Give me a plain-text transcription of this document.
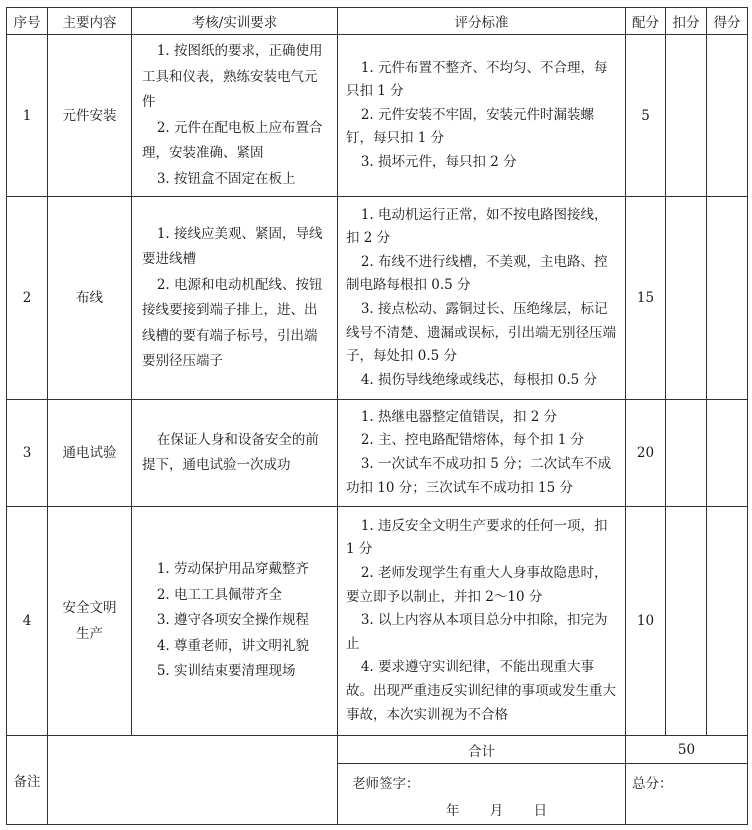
序号	主要内容	考核/实训要求	评分标准	配分	扣分	得分
1	元件安装	1. 按图纸的要求，正确使用工具和仪表，熟练安装电气元件
2. 元件在配电板上应布置合理，安装准确、紧固
3. 按钮盒不固定在板上	1. 元件布置不整齐、不均匀、不合理，每只扣 1 分
2. 元件安装不牢固，安装元件时漏装螺钉，每只扣 1 分
3. 损坏元件，每只扣 2 分	5		
2	布线	1. 接线应美观、紧固，导线要进线槽
2. 电源和电动机配线、按钮接线要接到端子排上，进、出线槽的要有端子标号，引出端要别径压端子	1. 电动机运行正常，如不按电路图接线，扣 2 分
2. 布线不进行线槽，不美观，主电路、控制电路每根扣 0.5 分
3. 接点松动、露铜过长、压绝缘层，标记线号不清楚、遗漏或误标，引出端无别径压端子，每处扣 0.5 分
4. 损伤导线绝缘或线芯，每根扣 0.5 分	15		
3	通电试验	在保证人身和设备安全的前提下，通电试验一次成功	1. 热继电器整定值错误，扣 2 分
2. 主、控电路配错熔体，每个扣 1 分
3. 一次试车不成功扣 5 分；二次试车不成功扣 10 分；三次试车不成功扣 15 分	20		
4	安全文明生产	1. 劳动保护用品穿戴整齐
2. 电工工具佩带齐全
3. 遵守各项安全操作规程
4. 尊重老师，讲文明礼貌
5. 实训结束要清理现场	1. 违反安全文明生产要求的任何一项，扣 1 分
2. 老师发现学生有重大人身事故隐患时，要立即予以制止，并扣 2～10 分
3. 以上内容从本项目总分中扣除，扣完为止
4. 要求遵守实训纪律，不能出现重大事故。出现严重违反实训纪律的事项或发生重大事故，本次实训视为不合格	10		
备注			合计	50		

			老师签字：
年 月 日	总分：		
